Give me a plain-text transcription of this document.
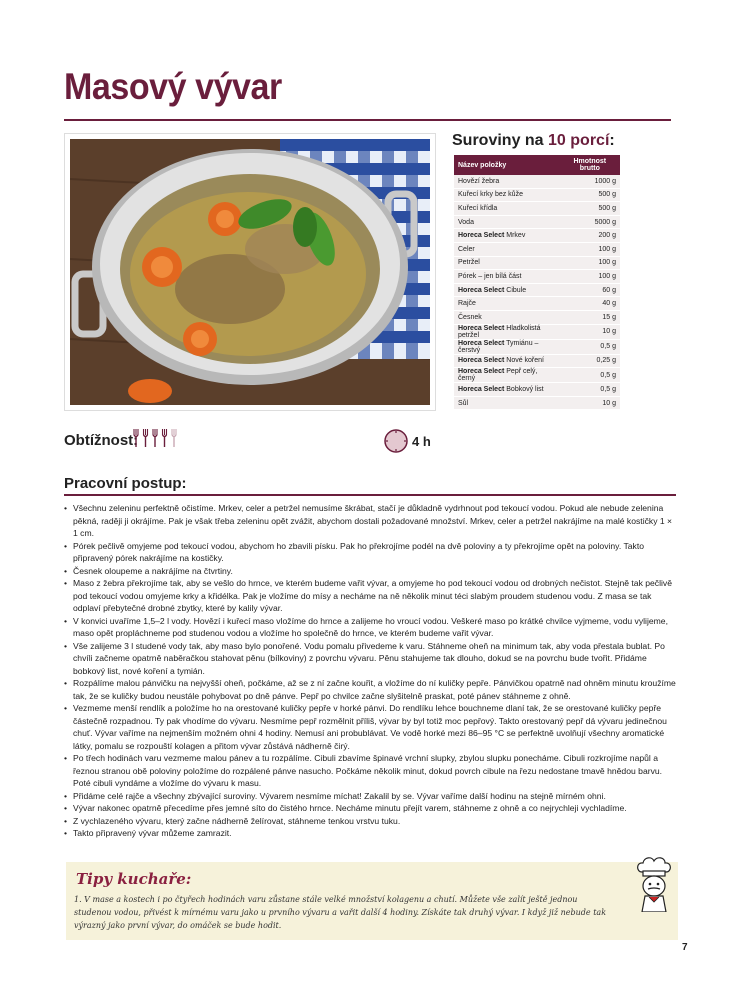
Masový vývar
Suroviny na 10 porcí:
Název položky	Hmotnost brutto
Hovězí žebra	1000 g
Kuřecí krky bez kůže	500 g
Kuřecí křídla	500 g
Voda	5000 g
Horeca Select Mrkev	200 g
Celer	100 g
Petržel	100 g
Pórek – jen bílá část	100 g
Horeca Select Cibule	60 g
Rajče	40 g
Česnek	15 g
Horeca Select Hladkolistá petržel	10 g
Horeca Select Tymiánu – čerstvý	0,5 g
Horeca Select Nové koření	0,25 g
Horeca Select Pepř celý, černý	0,5 g
Horeca Select Bobkový list	0,5 g
Sůl	10 g
Obtížnost:	4 h
Pracovní postup:
• Všechnu zeleninu perfektně očistíme. Mrkev, celer a petržel nemusíme škrábat, stačí je důkladně vydrhnout pod tekoucí vodou. Pokud ale nebude zelenina pěkná, raději ji okrájíme. Pak je však třeba zeleninu opět zvážit, abychom dostali požadované množství. Mrkev, celer a petržel nakrájíme na malé kostičky 1 × 1 cm.
• Pórek pečlivě omyjeme pod tekoucí vodou, abychom ho zbavili písku. Pak ho překrojíme podél na dvě poloviny a ty překrojíme opět na poloviny. Takto připravený pórek nakrájíme na kostičky.
• Česnek oloupeme a nakrájíme na čtvrtiny.
• Maso z žebra překrojíme tak, aby se vešlo do hrnce, ve kterém budeme vařit vývar, a omyjeme ho pod tekoucí vodou od drobných nečistot. Stejně tak pečlivě pod tekoucí vodou omyjeme krky a křidélka. Pak je vložíme do mísy a necháme na ně několik minut téci slabým proudem studenou vodu. Z masa se tak odplaví přebytečné drobné zbytky, které by kalily vývar.
• V konvici uvaříme 1,5–2 l vody. Hovězí i kuřecí maso vložíme do hrnce a zalijeme ho vroucí vodou. Veškeré maso po krátké chvilce vyjmeme, vodu vylijeme, maso opět propláchneme pod studenou vodou a vložíme ho společně do hrnce, ve kterém budeme vařit vývar.
• Vše zalijeme 3 l studené vody tak, aby maso bylo ponořené. Vodu pomalu přivedeme k varu. Stáhneme oheň na minimum tak, aby voda přestala bublat. Po chvíli začneme opatrně naběračkou stahovat pěnu (bílkoviny) z povrchu vývaru. Pěnu stahujeme tak dlouho, dokud se na povrchu bude tvořit. Přidáme bobkový list, nové koření a tymián.
• Rozpálíme malou pánvičku na nejvyšší oheň, počkáme, až se z ní začne kouřit, a vložíme do ní kuličky pepře. Pánvičkou opatrně nad ohněm minutu kroužíme tak, že se kuličky budou neustále pohybovat po dně pánve. Pepř po chvilce začne slyšitelně praskat, poté pánev stáhneme z ohně.
• Vezmeme menší rendlík a položíme ho na orestované kuličky pepře v horké pánvi. Do rendlíku lehce bouchneme dlaní tak, že se orestované kuličky pepře částečně rozpadnou. Ty pak vhodíme do vývaru. Nesmíme pepř rozmělnit příliš, vývar by byl totiž moc pepřový. Takto orestovaný pepř dá vývaru jedinečnou chuť. Vývar vaříme na nejmenším možném ohni 4 hodiny. Nemusí ani probublávat. Ve vodě horké mezi 86–95 °C se perfektně uvolňují všechny aromatické látky, pomalu se rozpouští kolagen a přitom vývar zůstává nádherně čirý.
• Po třech hodinách varu vezmeme malou pánev a tu rozpálíme. Cibuli zbavíme špinavé vrchní slupky, zbylou slupku ponecháme. Cibuli rozkrojíme napůl a řeznou stranou obě poloviny položíme do rozpálené pánve nasucho. Počkáme několik minut, dokud povrch cibule na řezu nedostane tmavě hnědou barvu. Poté cibuli vyndáme a vložíme do vývaru k masu.
• Přidáme celé rajče a všechny zbývající suroviny. Vývarem nesmíme míchat! Zakalil by se. Vývar vaříme další hodinu na stejně mírném ohni.
• Vývar nakonec opatrně přecedíme přes jemné síto do čistého hrnce. Necháme minutu přejít varem, stáhneme z ohně a co nejrychleji vychladíme.
• Z vychlazeného vývaru, který začne nádherně želírovat, stáhneme tenkou vrstvu tuku.
• Takto připravený vývar můžeme zamrazit.
Tipy kuchaře:

1. V mase a kostech i po čtyřech hodinách varu zůstane stále velké množství kolagenu a chutí. Můžete vše zalít ještě jednou studenou vodou, přivést k mírnému varu jako u prvního vývaru a vařit další 4 hodiny. Získáte tak druhý vývar. I když již nebude tak výrazný jako první vývar, do omáček se bude hodit.

7
